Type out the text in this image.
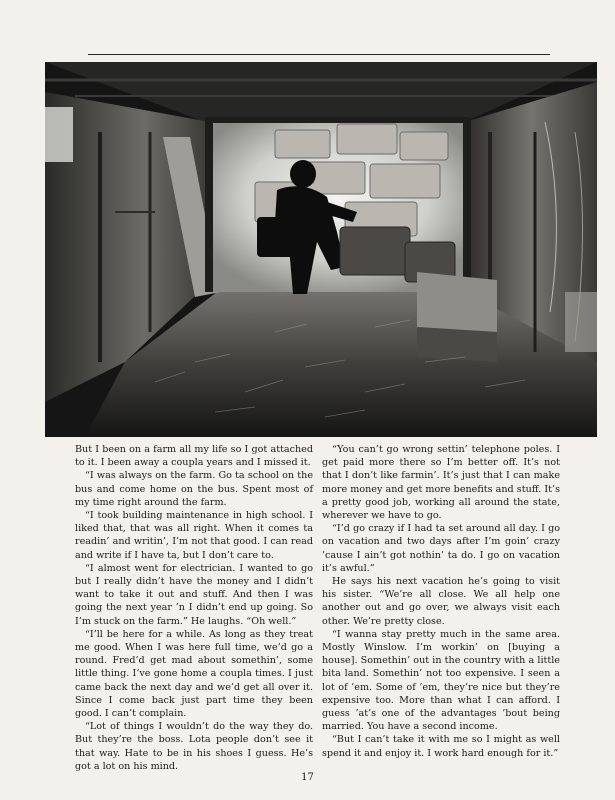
But I been on a farm all my life so I got attached to it. I been away a coupla years and I missed it.

“I was always on the farm. Go ta school on the bus and come home on the bus. Spent most of my time right around the farm.

“I took building maintenance in high school. I liked that, that was all right. When it comes ta readin’ and writin’, I’m not that good. I can read and write if I have ta, but I don’t care to.

“I almost went for electrician. I wanted to go but I really didn’t have the money and I didn’t want to take it out and stuff. And then I was going the next year ’n I didn’t end up going. So I’m stuck on the farm.” He laughs. “Oh well.”

“I’ll be here for a while. As long as they treat me good. When I was here full time, we’d go a round. Fred’d get mad about somethin’, some little thing. I’ve gone home a coupla times. I just came back the next day and we’d get all over it. Since I come back just part time they been good. I can’t complain.

“Lot of things I wouldn’t do the way they do. But they’re the boss. Lota people don’t see it that way. Hate to be in his shoes I guess. He’s got a lot on his mind.

“You can’t go wrong settin’ telephone poles. I get paid more there so I’m better off. It’s not that I don’t like farmin’. It’s just that I can make more money and get more benefits and stuff. It’s a pretty good job, working all around the state, wherever we have to go.

“I’d go crazy if I had ta set around all day. I go on vacation and two days after I’m goin’ crazy ’cause I ain’t got nothin’ ta do. I go on vacation it’s awful.”

He says his next vacation he’s going to visit his sister. “We’re all close. We all help one another out and go over, we always visit each other. We’re pretty close.

“I wanna stay pretty much in the same area. Mostly Winslow. I’m workin’ on [buying a house]. Somethin’ out in the country with a little bita land. Somethin’ not too expensive. I seen a lot of ’em. Some of ’em, they’re nice but they’re expensive too. More than what I can afford. I guess ’at’s one of the advantages ’bout being married. You have a second income.

“But I can’t take it with me so I might as well spend it and enjoy it. I work hard enough for it.”

17
